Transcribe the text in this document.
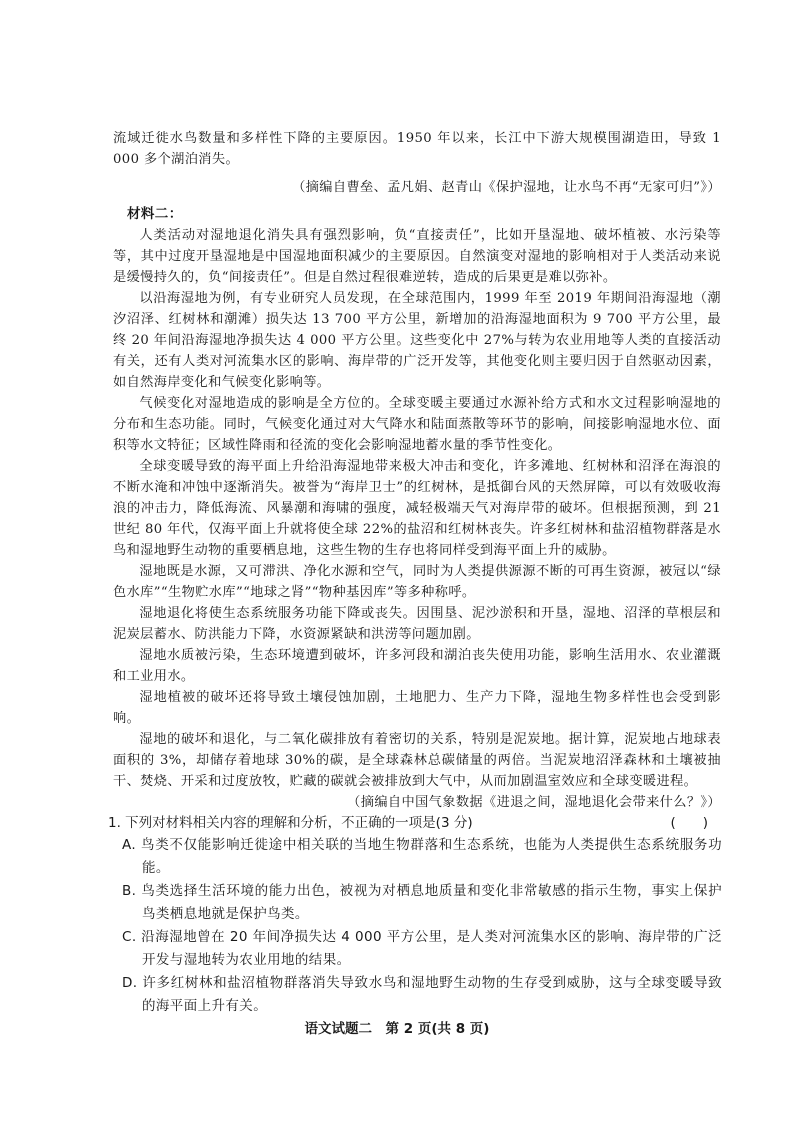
流域迁徙水鸟数量和多样性下降的主要原因。1950 年以来，长江中下游大规模围湖造田，导致 1 000 多个湖泊消失。

（摘编自曹垒、孟凡娟、赵青山《保护湿地，让水鸟不再“无家可归”》）

材料二：

人类活动对湿地退化消失具有强烈影响，负“直接责任”，比如开垦湿地、破坏植被、水污染等等，其中过度开垦湿地是中国湿地面积减少的主要原因。自然演变对湿地的影响相对于人类活动来说是缓慢持久的，负“间接责任”。但是自然过程很难逆转，造成的后果更是难以弥补。

以沿海湿地为例，有专业研究人员发现，在全球范围内，1999 年至 2019 年期间沿海湿地（潮汐沼泽、红树林和潮滩）损失达 13 700 平方公里，新增加的沿海湿地面积为 9 700 平方公里，最终 20 年间沿海湿地净损失达 4 000 平方公里。这些变化中 27%与转为农业用地等人类的直接活动有关，还有人类对河流集水区的影响、海岸带的广泛开发等，其他变化则主要归因于自然驱动因素，如自然海岸变化和气候变化影响等。

气候变化对湿地造成的影响是全方位的。全球变暖主要通过水源补给方式和水文过程影响湿地的分布和生态功能。同时，气候变化通过对大气降水和陆面蒸散等环节的影响，间接影响湿地水位、面积等水文特征；区域性降雨和径流的变化会影响湿地蓄水量的季节性变化。

全球变暖导致的海平面上升给沿海湿地带来极大冲击和变化，许多滩地、红树林和沼泽在海浪的不断水淹和冲蚀中逐渐消失。被誉为“海岸卫士”的红树林，是抵御台风的天然屏障，可以有效吸收海浪的冲击力，降低海流、风暴潮和海啸的强度，减轻极端天气对海岸带的破坏。但根据预测，到 21 世纪 80 年代，仅海平面上升就将使全球 22%的盐沼和红树林丧失。许多红树林和盐沼植物群落是水鸟和湿地野生动物的重要栖息地，这些生物的生存也将同样受到海平面上升的威胁。

湿地既是水源，又可滞洪、净化水源和空气，同时为人类提供源源不断的可再生资源，被冠以“绿色水库”“生物贮水库”“地球之肾”“物种基因库”等多种称呼。

湿地退化将使生态系统服务功能下降或丧失。因围垦、泥沙淤积和开垦，湿地、沼泽的草根层和泥炭层蓄水、防洪能力下降，水资源紧缺和洪涝等问题加剧。

湿地水质被污染，生态环境遭到破坏，许多河段和湖泊丧失使用功能，影响生活用水、农业灌溉和工业用水。

湿地植被的破坏还将导致土壤侵蚀加剧，土地肥力、生产力下降，湿地生物多样性也会受到影响。

湿地的破坏和退化，与二氧化碳排放有着密切的关系，特别是泥炭地。据计算，泥炭地占地球表面积的 3%，却储存着地球 30%的碳，是全球森林总碳储量的两倍。当泥炭地沼泽森林和土壤被抽干、焚烧、开采和过度放牧，贮藏的碳就会被排放到大气中，从而加剧温室效应和全球变暖进程。

（摘编自中国气象数据《进退之间，湿地退化会带来什么？》）

1. 下列对材料相关内容的理解和分析，不正确的一项是(3 分)	(　　)

A. 鸟类不仅能影响迁徙途中相关联的当地生物群落和生态系统，也能为人类提供生态系统服务功能。

B. 鸟类选择生活环境的能力出色，被视为对栖息地质量和变化非常敏感的指示生物，事实上保护鸟类栖息地就是保护鸟类。

C. 沿海湿地曾在 20 年间净损失达 4 000 平方公里，是人类对河流集水区的影响、海岸带的广泛开发与湿地转为农业用地的结果。

D. 许多红树林和盐沼植物群落消失导致水鸟和湿地野生动物的生存受到威胁，这与全球变暖导致的海平面上升有关。

语文试题二　第 2 页(共 8 页)
